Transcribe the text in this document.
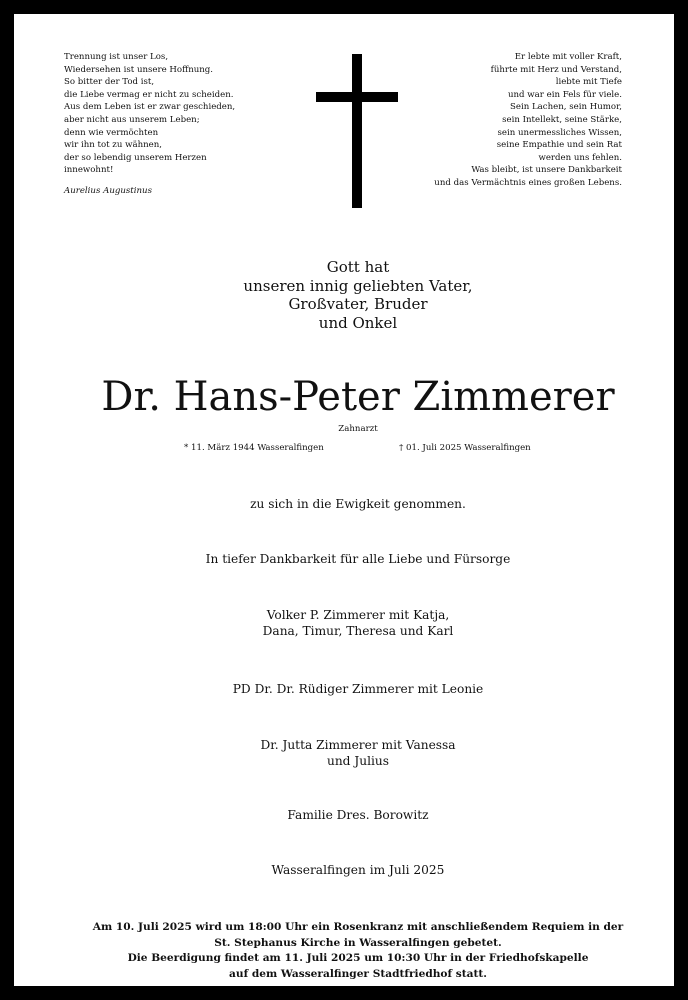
Trennung ist unser Los,
Wiedersehen ist unsere Hoffnung.
So bitter der Tod ist,
die Liebe vermag er nicht zu scheiden.
Aus dem Leben ist er zwar geschieden,
aber nicht aus unserem Leben;
denn wie vermöchten
wir ihn tot zu wähnen,
der so lebendig unserem Herzen
innewohnt!
Aurelius Augustinus
Er lebte mit voller Kraft,
führte mit Herz und Verstand,
liebte mit Tiefe
und war ein Fels für viele.
Sein Lachen, sein Humor,
sein Intellekt, seine Stärke,
sein unermessliches Wissen,
seine Empathie und sein Rat
werden uns fehlen.
Was bleibt, ist unsere Dankbarkeit
und das Vermächtnis eines großen Lebens.
Gott hat
unseren innig geliebten Vater,
Großvater, Bruder
und Onkel
Dr. Hans-Peter Zimmerer
Zahnarzt
* 11. März 1944 Wasseralfingen	† 01. Juli 2025 Wasseralfingen
zu sich in die Ewigkeit genommen.
In tiefer Dankbarkeit für alle Liebe und Fürsorge
Volker P. Zimmerer mit Katja,
Dana, Timur, Theresa und Karl
PD Dr. Dr. Rüdiger Zimmerer mit Leonie
Dr. Jutta Zimmerer mit Vanessa
und Julius
Familie Dres. Borowitz
Wasseralfingen im Juli 2025
Am 10. Juli 2025 wird um 18:00 Uhr ein Rosenkranz mit anschließendem Requiem in der
St. Stephanus Kirche in Wasseralfingen gebetet.
Die Beerdigung findet am 11. Juli 2025 um 10:30 Uhr in der Friedhofskapelle
auf dem Wasseralfinger Stadtfriedhof statt.
